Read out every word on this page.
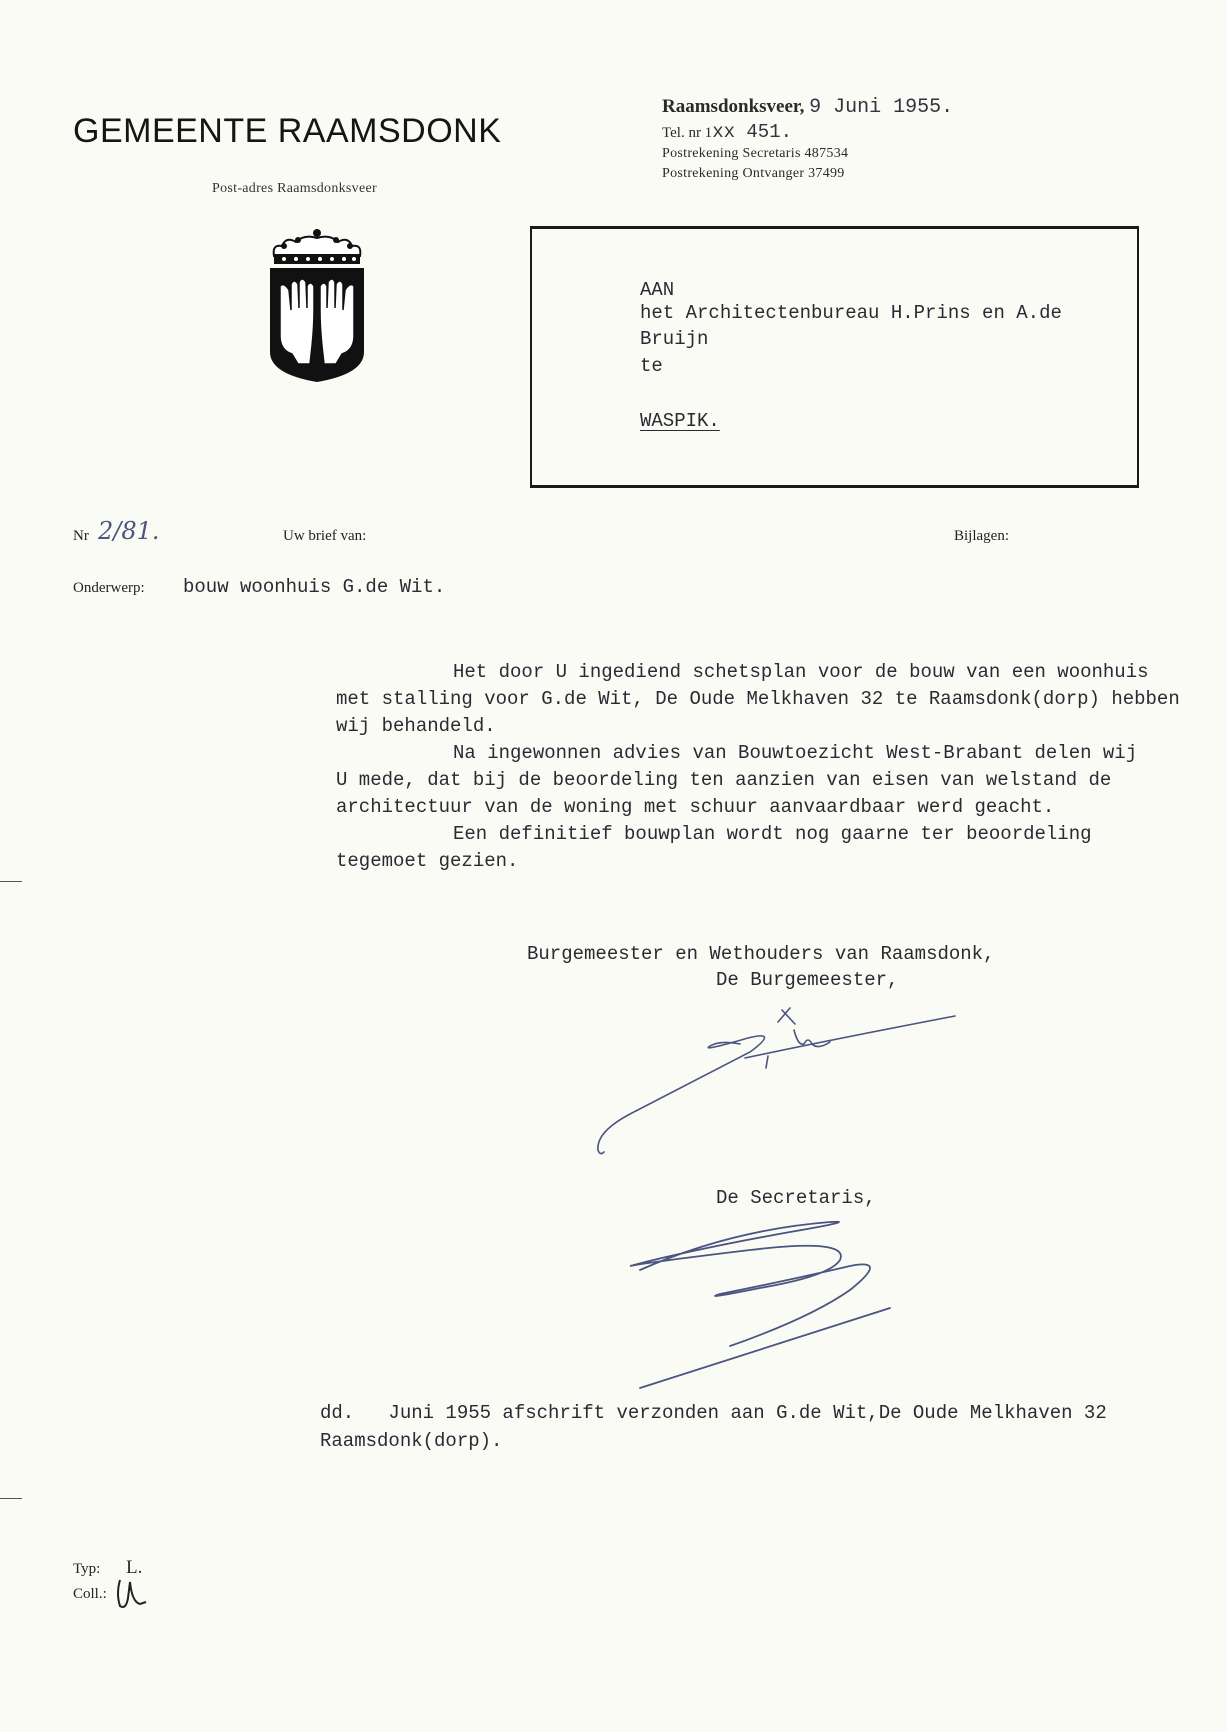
GEMEENTE RAAMSDONK
Post-adres Raamsdonksveer
Raamsdonksveer, 9 Juni 1955.
Tel. nr 1xx 451.
Postrekening Secretaris 487534
Postrekening Ontvanger 37499
AAN
het Architectenbureau H.Prins en A.de
Bruijn
te
WASPIK.
Nr 2/81.	Uw brief van:	Bijlagen:
Onderwerp: bouw woonhuis G.de Wit.
Het door U ingediend schetsplan voor de bouw van een woonhuis
met stalling voor G.de Wit, De Oude Melkhaven 32 te Raamsdonk(dorp) hebben
wij behandeld.
Na ingewonnen advies van Bouwtoezicht West-Brabant delen wij
U mede, dat bij de beoordeling ten aanzien van eisen van welstand de
architectuur van de woning met schuur aanvaardbaar werd geacht.
Een definitief bouwplan wordt nog gaarne ter beoordeling
tegemoet gezien.
Burgemeester en Wethouders van Raamsdonk,
De Burgemeester,
De Secretaris,
dd.   Juni 1955 afschrift verzonden aan G.de Wit,De Oude Melkhaven 32
Raamsdonk(dorp).
Typ: L.
Coll.:
